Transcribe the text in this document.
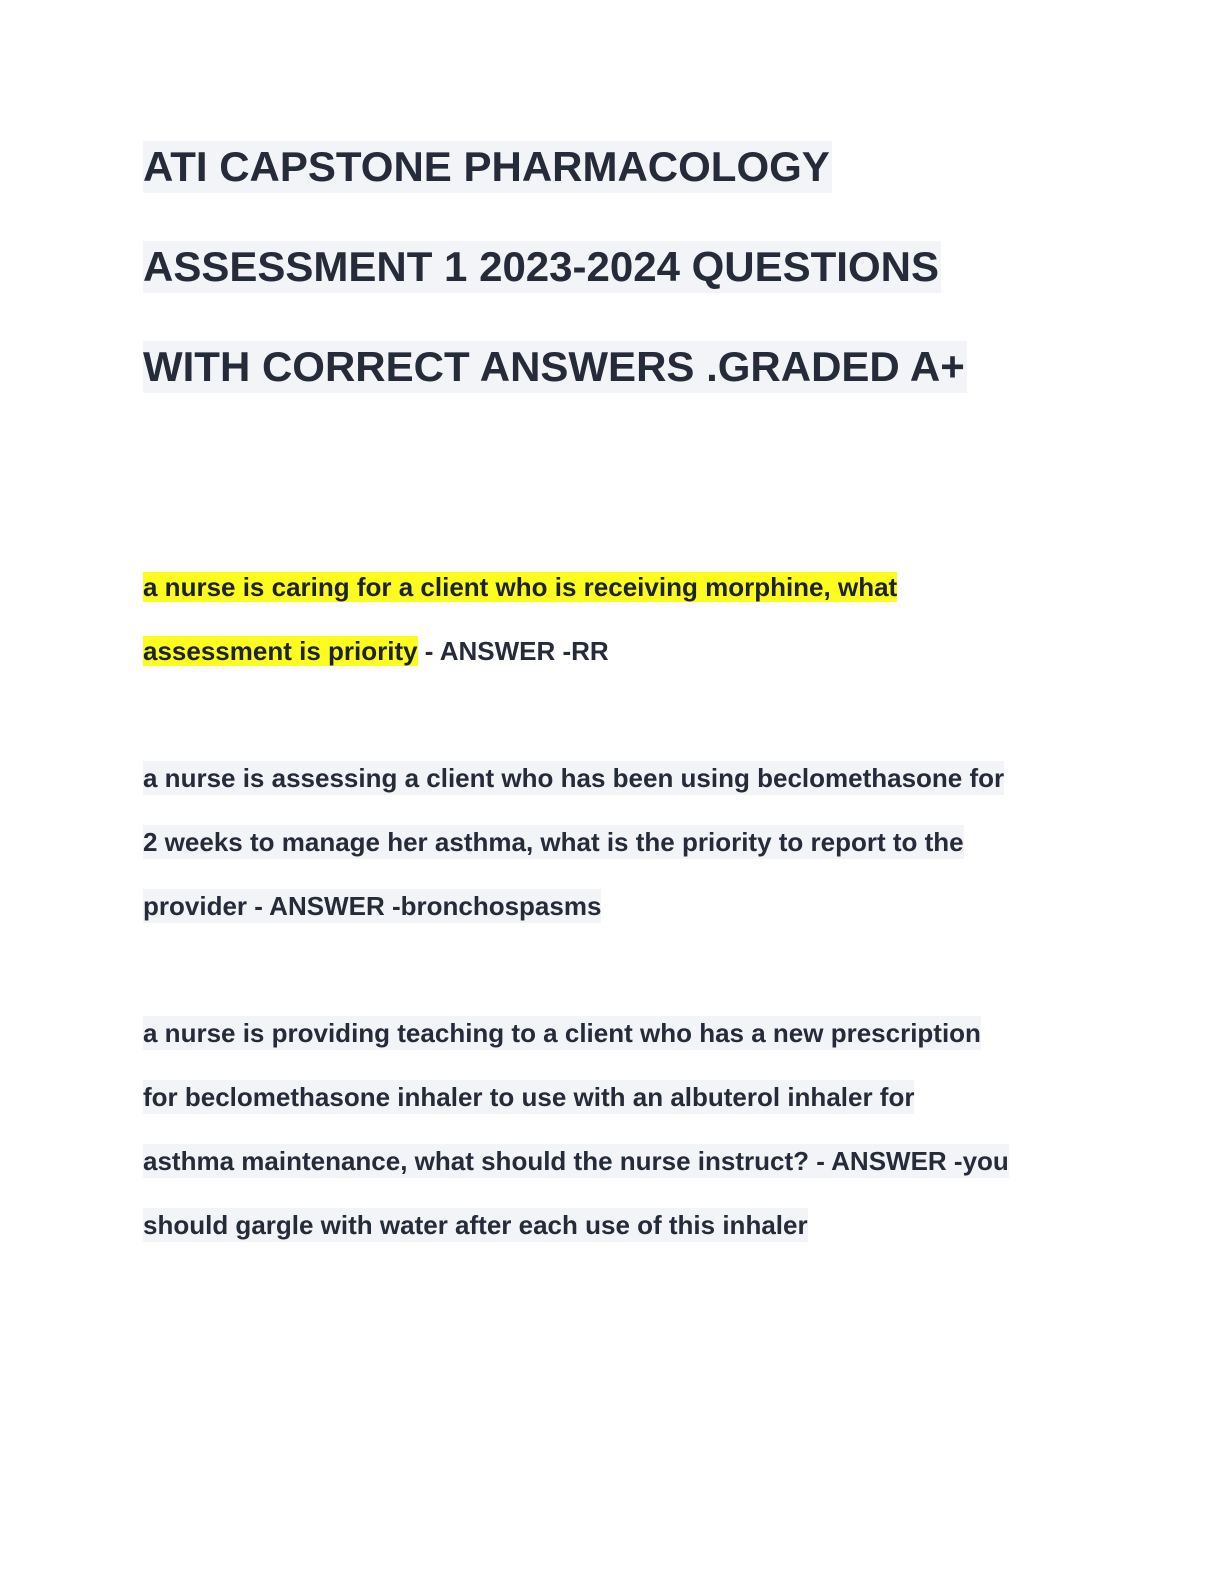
ATI CAPSTONE PHARMACOLOGY
ASSESSMENT 1 2023-2024 QUESTIONS
WITH CORRECT ANSWERS .GRADED A+
a nurse is caring for a client who is receiving morphine, what
assessment is priority - ANSWER -RR
a nurse is assessing a client who has been using beclomethasone for
2 weeks to manage her asthma, what is the priority to report to the
provider - ANSWER -bronchospasms
a nurse is providing teaching to a client who has a new prescription
for beclomethasone inhaler to use with an albuterol inhaler for
asthma maintenance, what should the nurse instruct? - ANSWER -you
should gargle with water after each use of this inhaler
